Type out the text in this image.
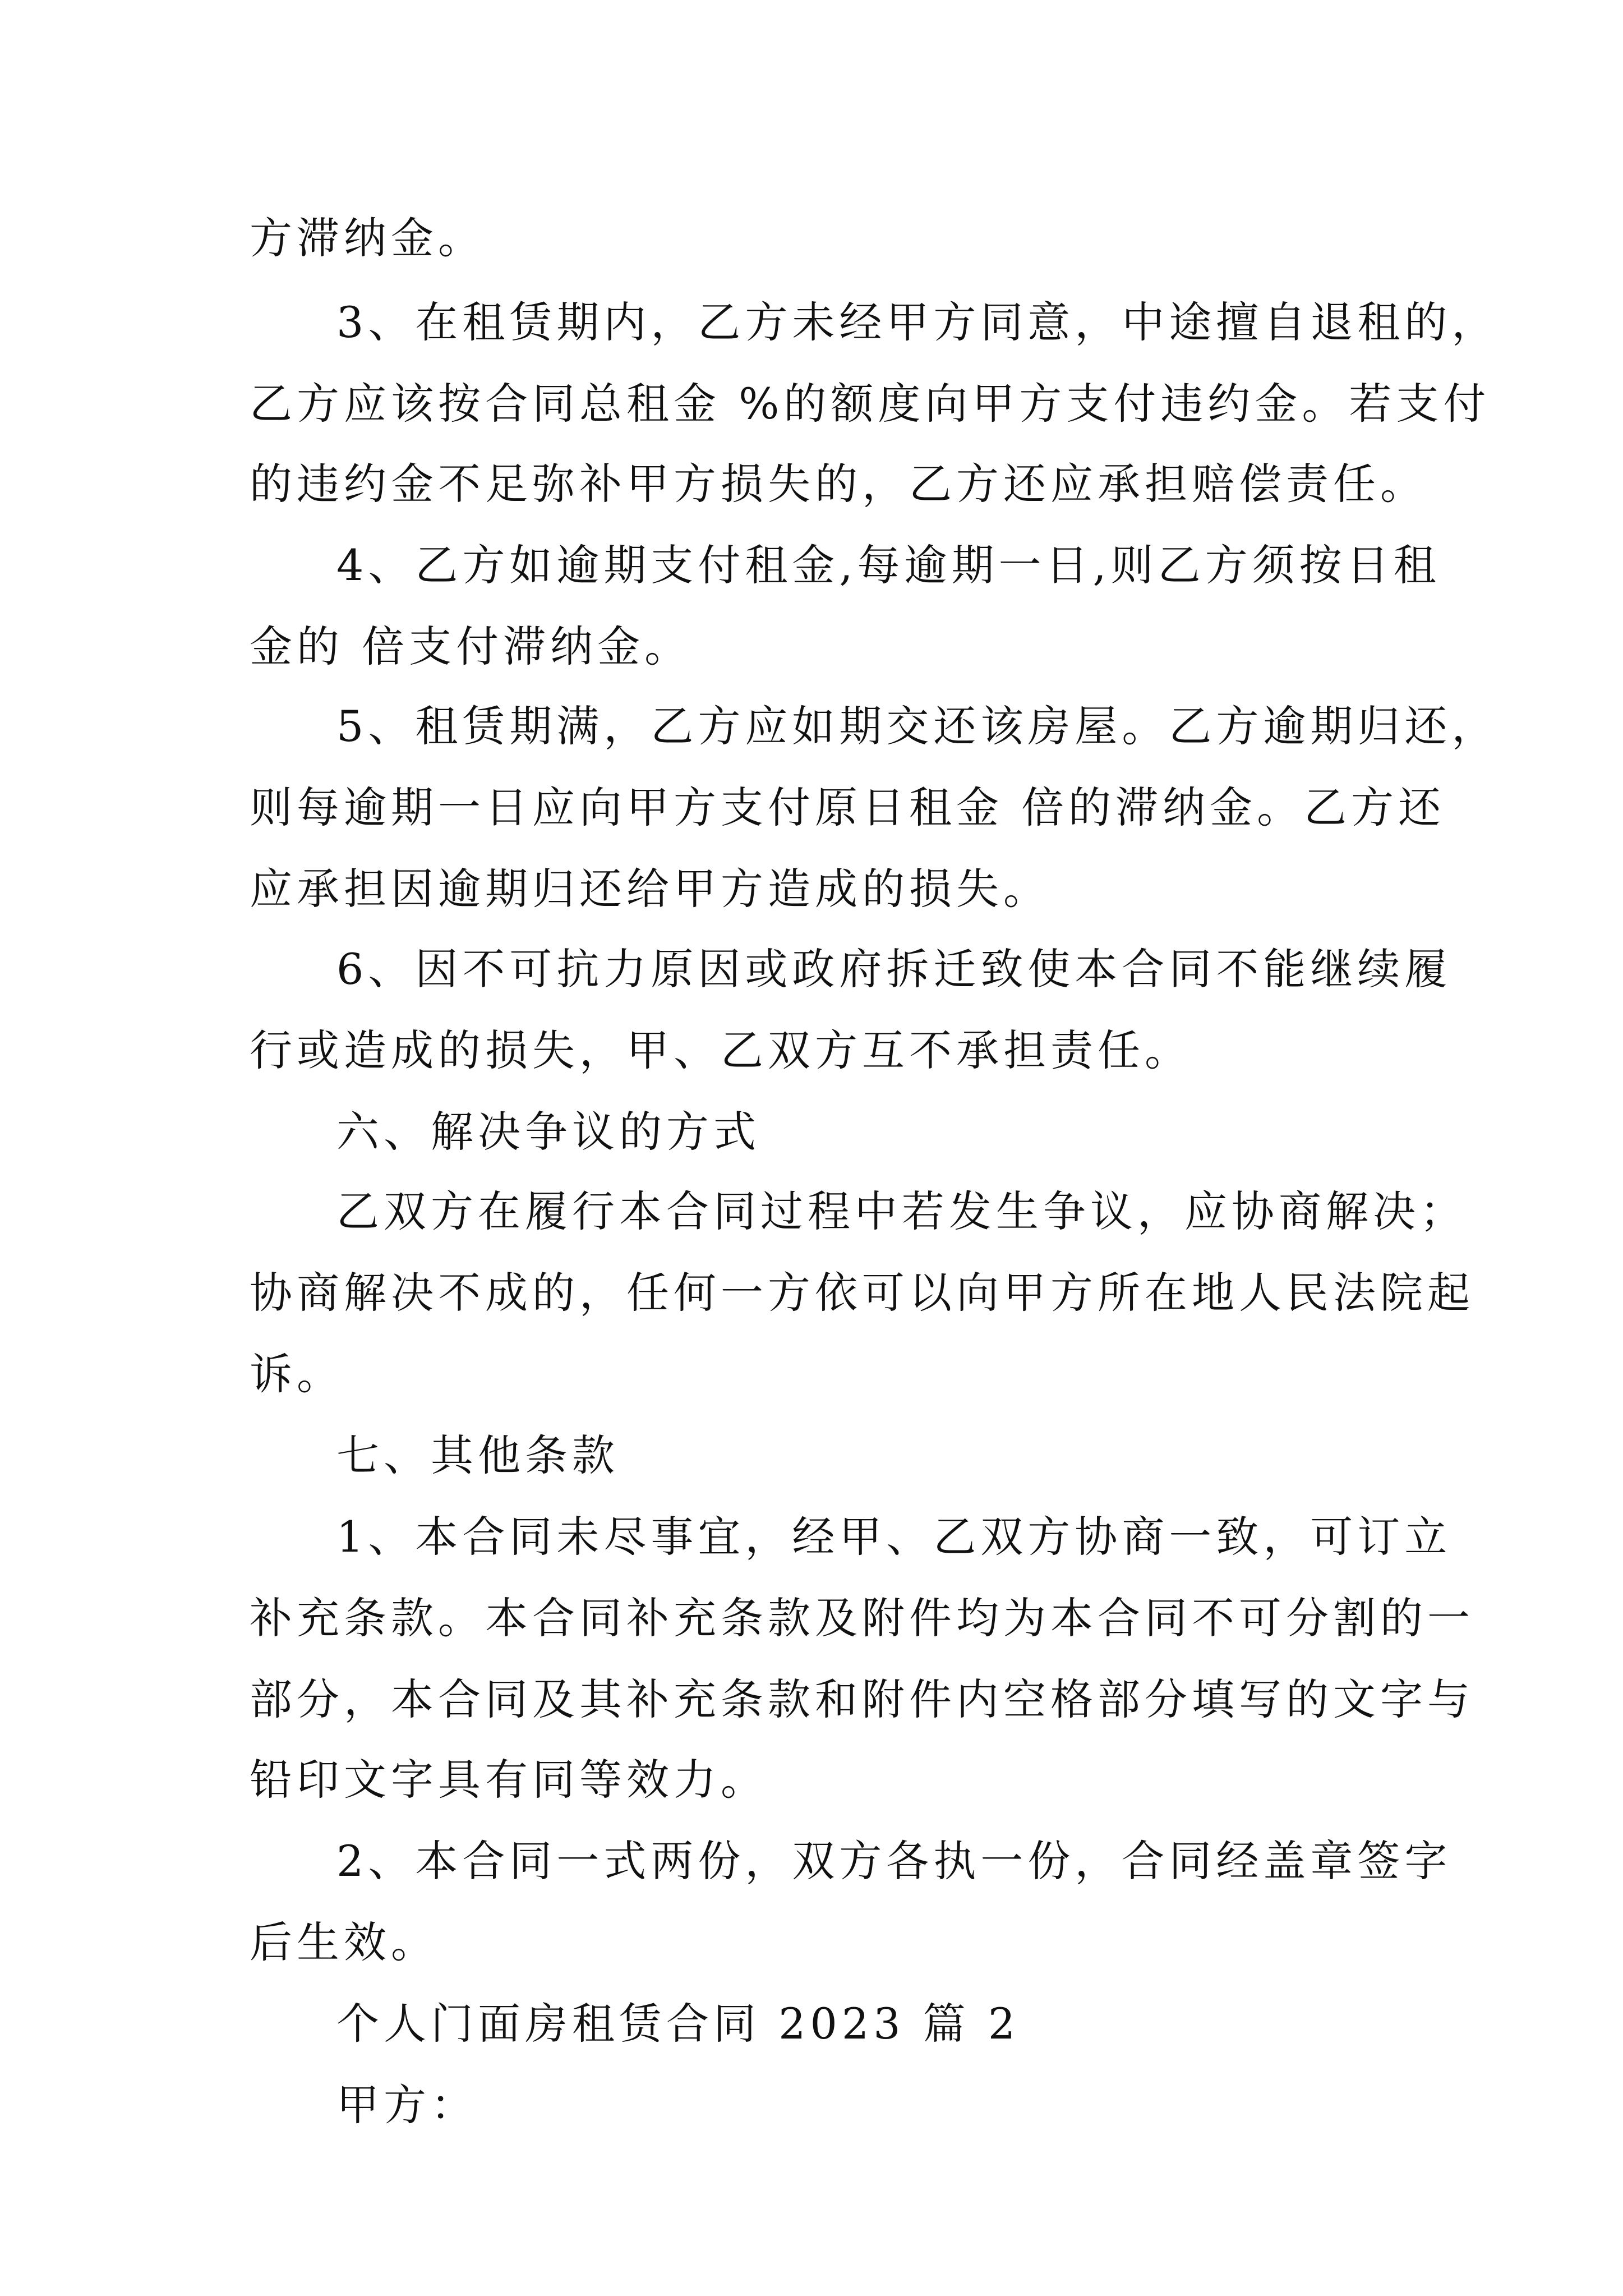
方滞纳金。
3、在租赁期内，乙方未经甲方同意，中途擅自退租的，
乙方应该按合同总租金 %的额度向甲方支付违约金。若支付
的违约金不足弥补甲方损失的，乙方还应承担赔偿责任。
4、乙方如逾期支付租金,每逾期一日,则乙方须按日租
金的 倍支付滞纳金。
5、租赁期满，乙方应如期交还该房屋。乙方逾期归还，
则每逾期一日应向甲方支付原日租金 倍的滞纳金。乙方还
应承担因逾期归还给甲方造成的损失。
6、因不可抗力原因或政府拆迁致使本合同不能继续履
行或造成的损失，甲、乙双方互不承担责任。
六、解决争议的方式
乙双方在履行本合同过程中若发生争议，应协商解决；
协商解决不成的，任何一方依可以向甲方所在地人民法院起
诉。
七、其他条款
1、本合同未尽事宜，经甲、乙双方协商一致，可订立
补充条款。本合同补充条款及附件均为本合同不可分割的一
部分，本合同及其补充条款和附件内空格部分填写的文字与
铅印文字具有同等效力。
2、本合同一式两份，双方各执一份，合同经盖章签字
后生效。
个人门面房租赁合同 2023 篇 2
甲方：
